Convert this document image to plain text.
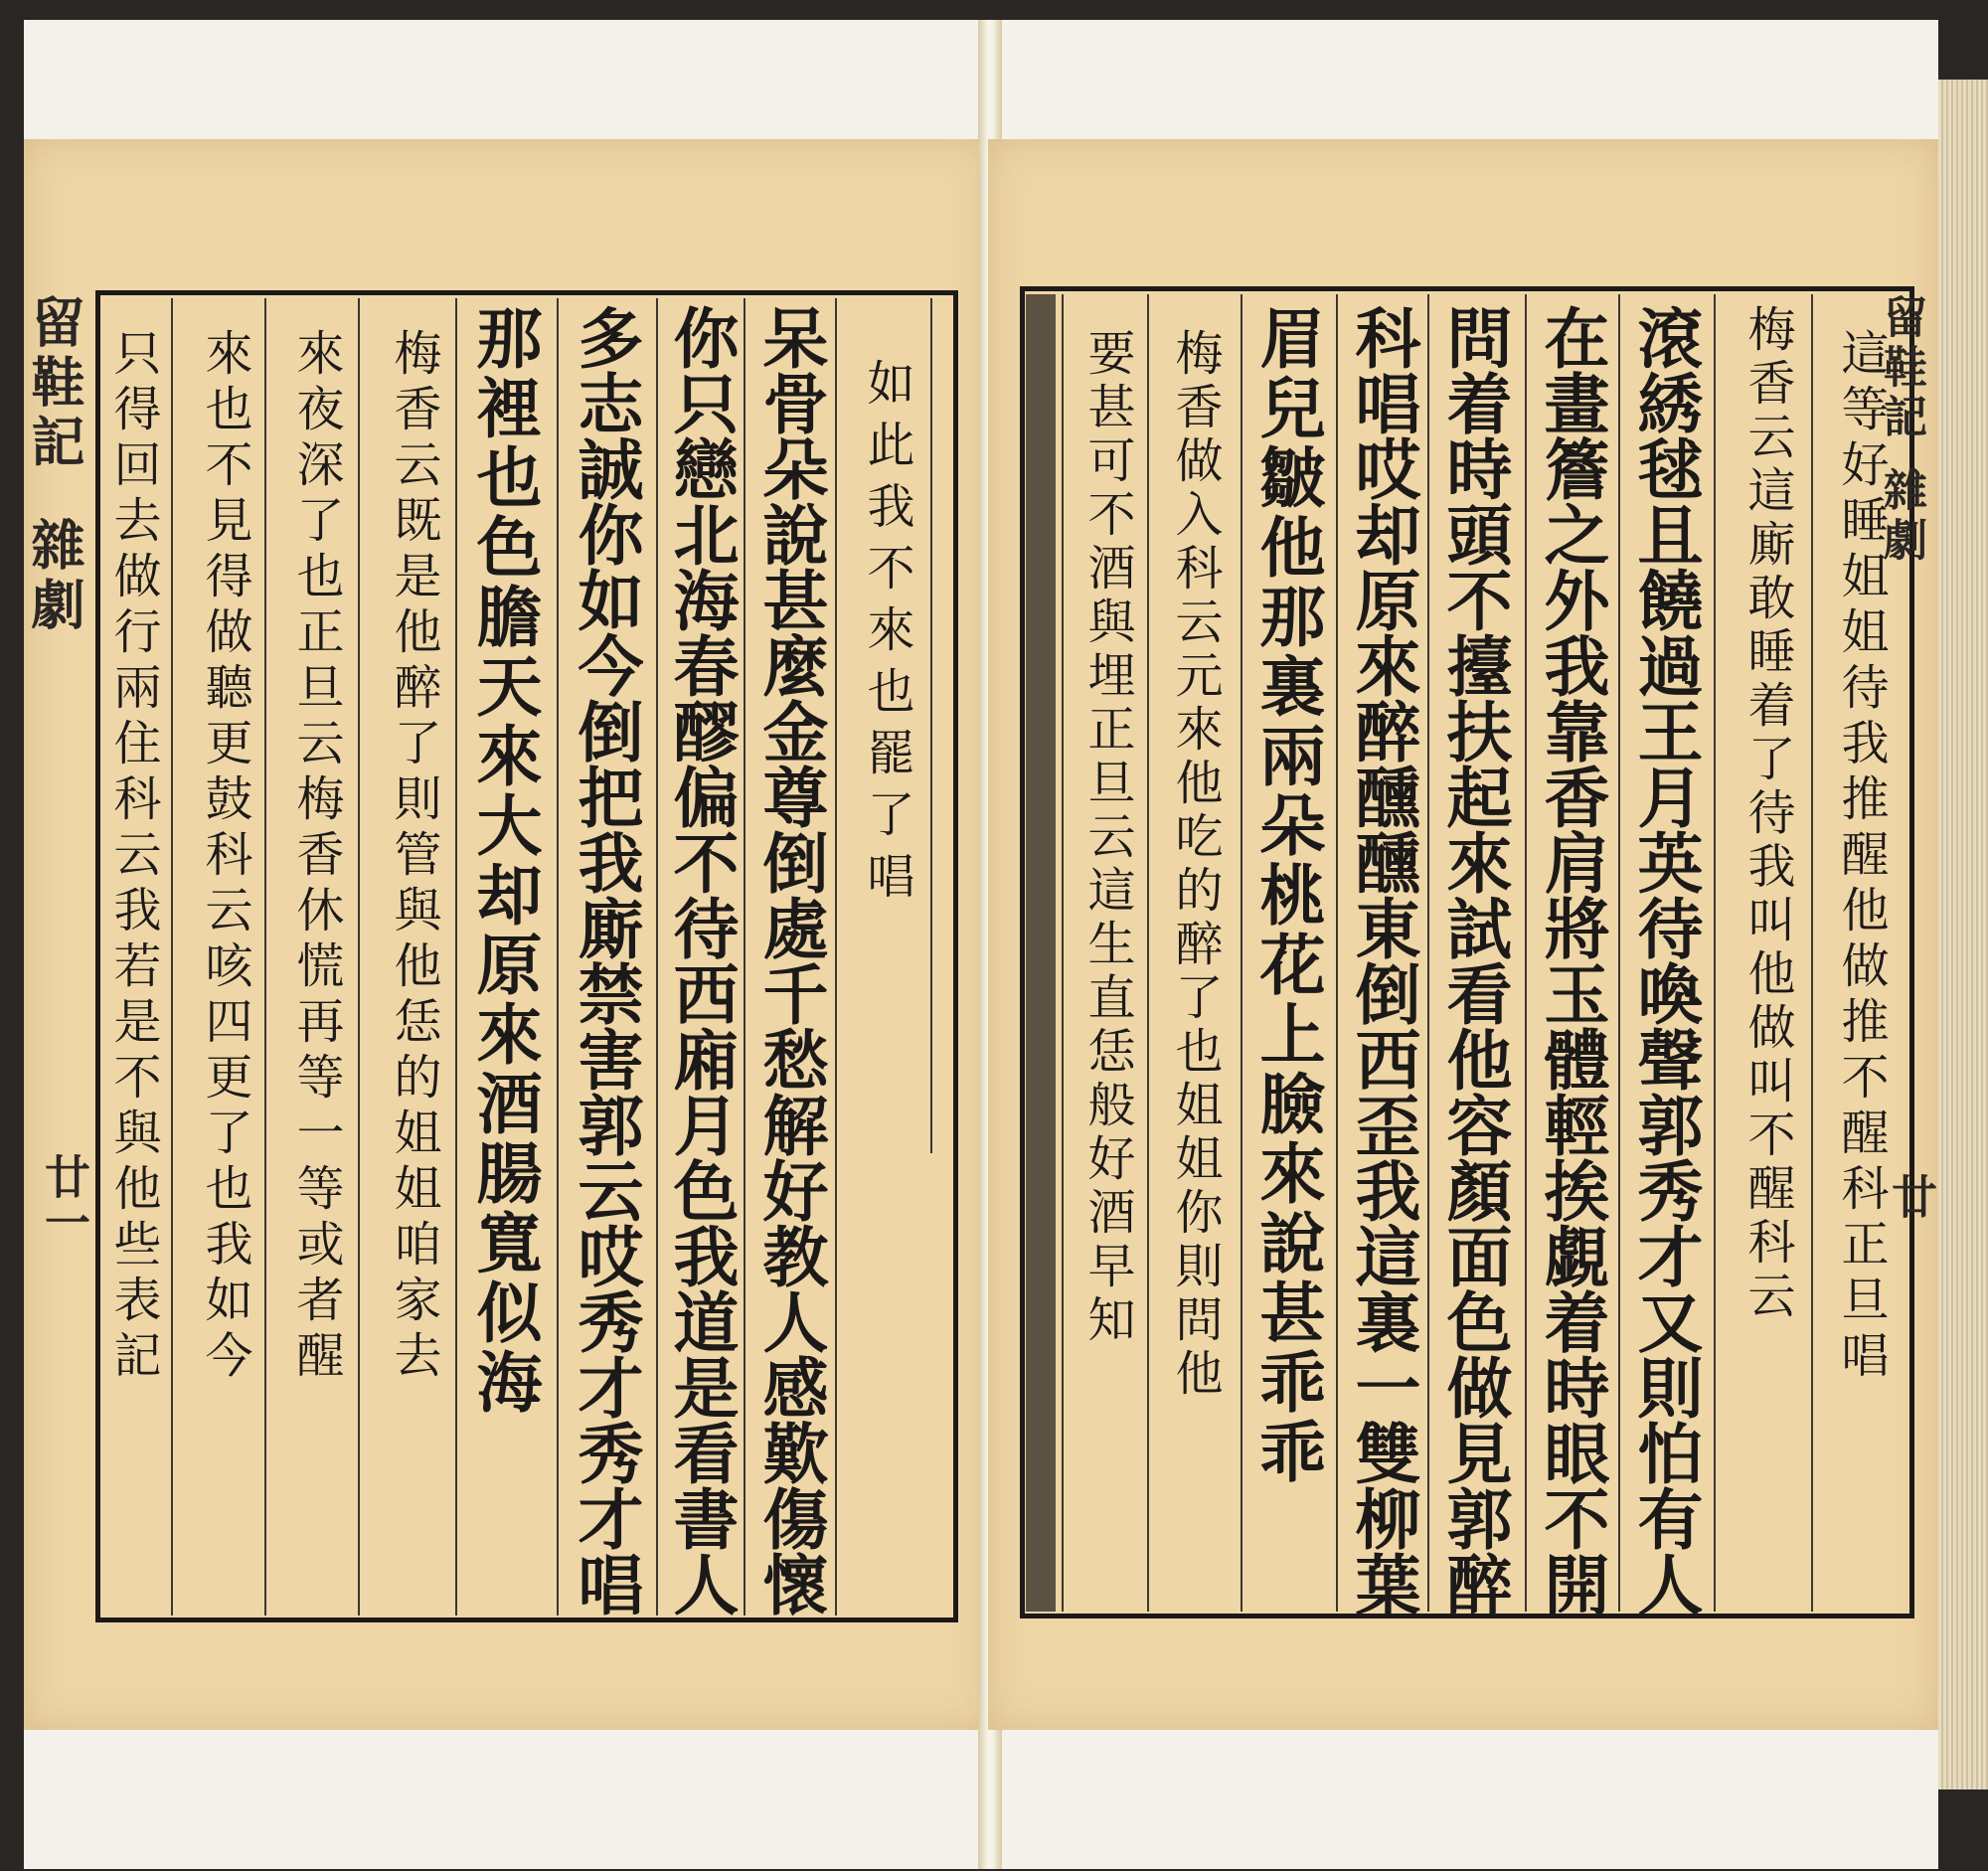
如此我不來也罷了唱
呆骨朵說甚麼金尊倒處千愁解好教人感歎傷懷
你只戀北海春醪偏不待西廂月色我道是看書人
多志誠你如今倒把我廝禁害郭云哎秀才秀才唱
那裡也色膽天來大却原來酒腸寬似海
梅香云既是他醉了則管與他恁的姐姐咱家去
來夜深了也正旦云梅香休慌再等一等或者醒
來也不見得做聽更鼓科云咳四更了也我如今
只得回去做行兩住科云我若是不與他些表記
留鞋記
雜劇
廿一	這等好睡姐姐待我推醒他做推不醒科正旦唱
梅香云這廝敢睡着了待我叫他做叫不醒科云
滾綉毬且饒過王月英待喚聲郭秀才又則怕有人
在畫簷之外我靠香肩將玉體輕挨覷着時眼不開
問着時頭不擡扶起來試看他容顏面色做見郭醉
科唱哎却原來醉醺醺東倒西歪我這裏一雙柳葉
眉兒皺他那裏兩朵桃花上臉來說甚乖乖
梅香做入科云元來他吃的醉了也姐姐你則問他
要甚可不酒與埋正旦云這生直恁般好酒早知	留鞋記
雜劇
廿
